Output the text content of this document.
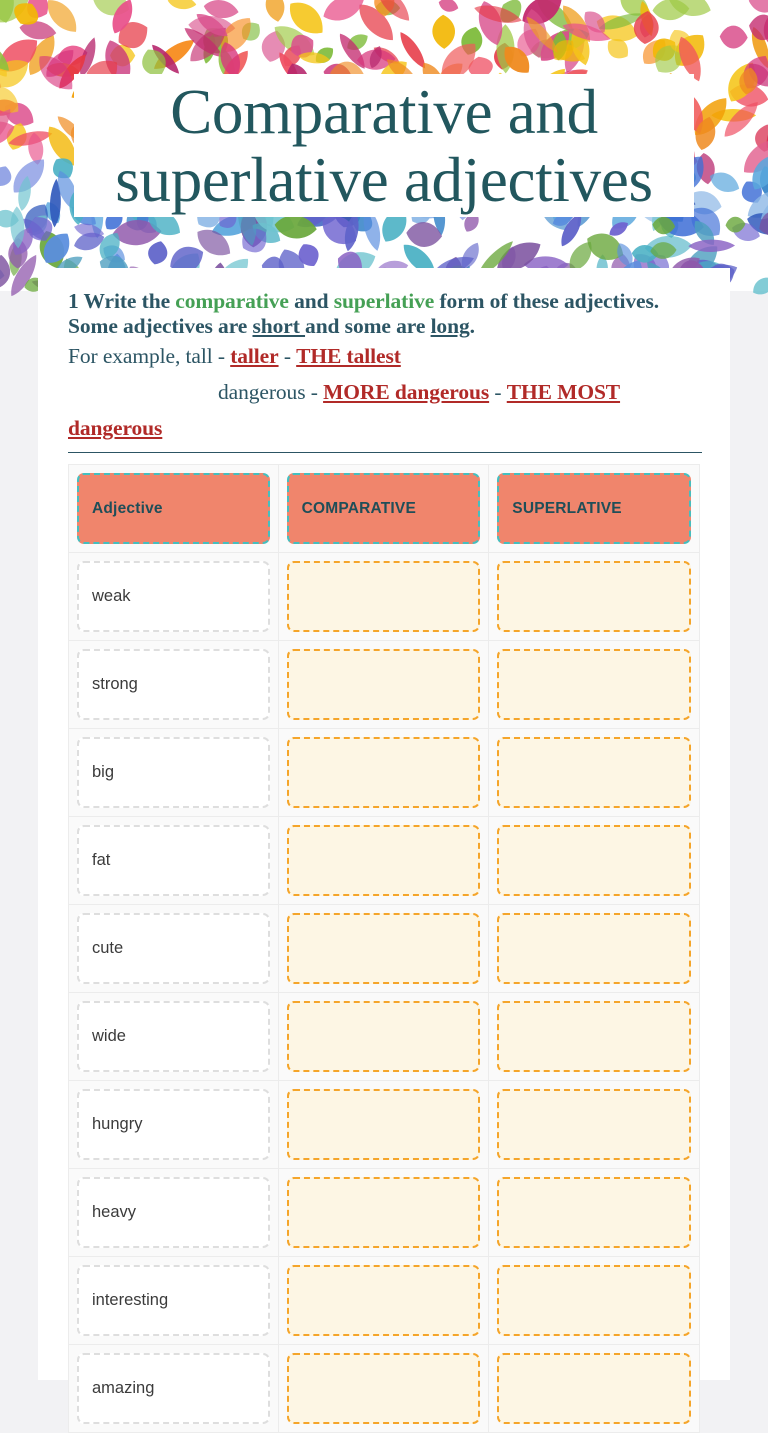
Comparative and superlative adjectives
1 Write the comparative and superlative form of these adjectives. Some adjectives are short and some are long.
For example, tall - taller - THE tallest
dangerous - MORE dangerous - THE MOST dangerous
Adjective	COMPARATIVE	SUPERLATIVE

weak		

strong		

big		

fat		

cute		

wide		

hungry		

heavy		

interesting		

amazing		
